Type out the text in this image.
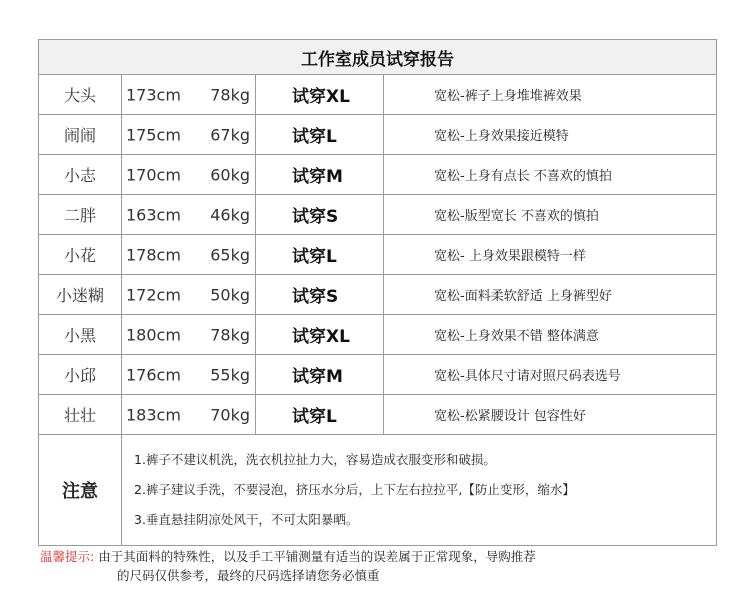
工作室成员试穿报告			
大头	173cm 78kg	试穿XL	宽松-裤子上身堆堆裤效果
闹闹	175cm 67kg	试穿L	宽松-上身效果接近模特
小志	170cm 60kg	试穿M	宽松-上身有点长 不喜欢的慎拍
二胖	163cm 46kg	试穿S	宽松-版型宽长 不喜欢的慎拍
小花	178cm 65kg	试穿L	宽松- 上身效果跟模特一样
小迷糊	172cm 50kg	试穿S	宽松-面料柔软舒适 上身裤型好
小黑	180cm 78kg	试穿XL	宽松-上身效果不错 整体满意
小邱	176cm 55kg	试穿M	宽松-具体尺寸请对照尺码表选号
壮壮	183cm 70kg	试穿L	宽松-松紧腰设计 包容性好
注意	1.裤子不建议机洗，洗衣机拉扯力大，容易造成衣服变形和破损。
2.裤子建议手洗，不要浸泡，挤压水分后，上下左右拉拉平,【防止变形，缩水】
3.垂直悬挂阴凉处风干，不可太阳暴晒。		
温馨提示: 由于其面料的特殊性，以及手工平铺测量有适当的误差属于正常现象，导购推荐
的尺码仅供参考，最终的尺码选择请您务必慎重
